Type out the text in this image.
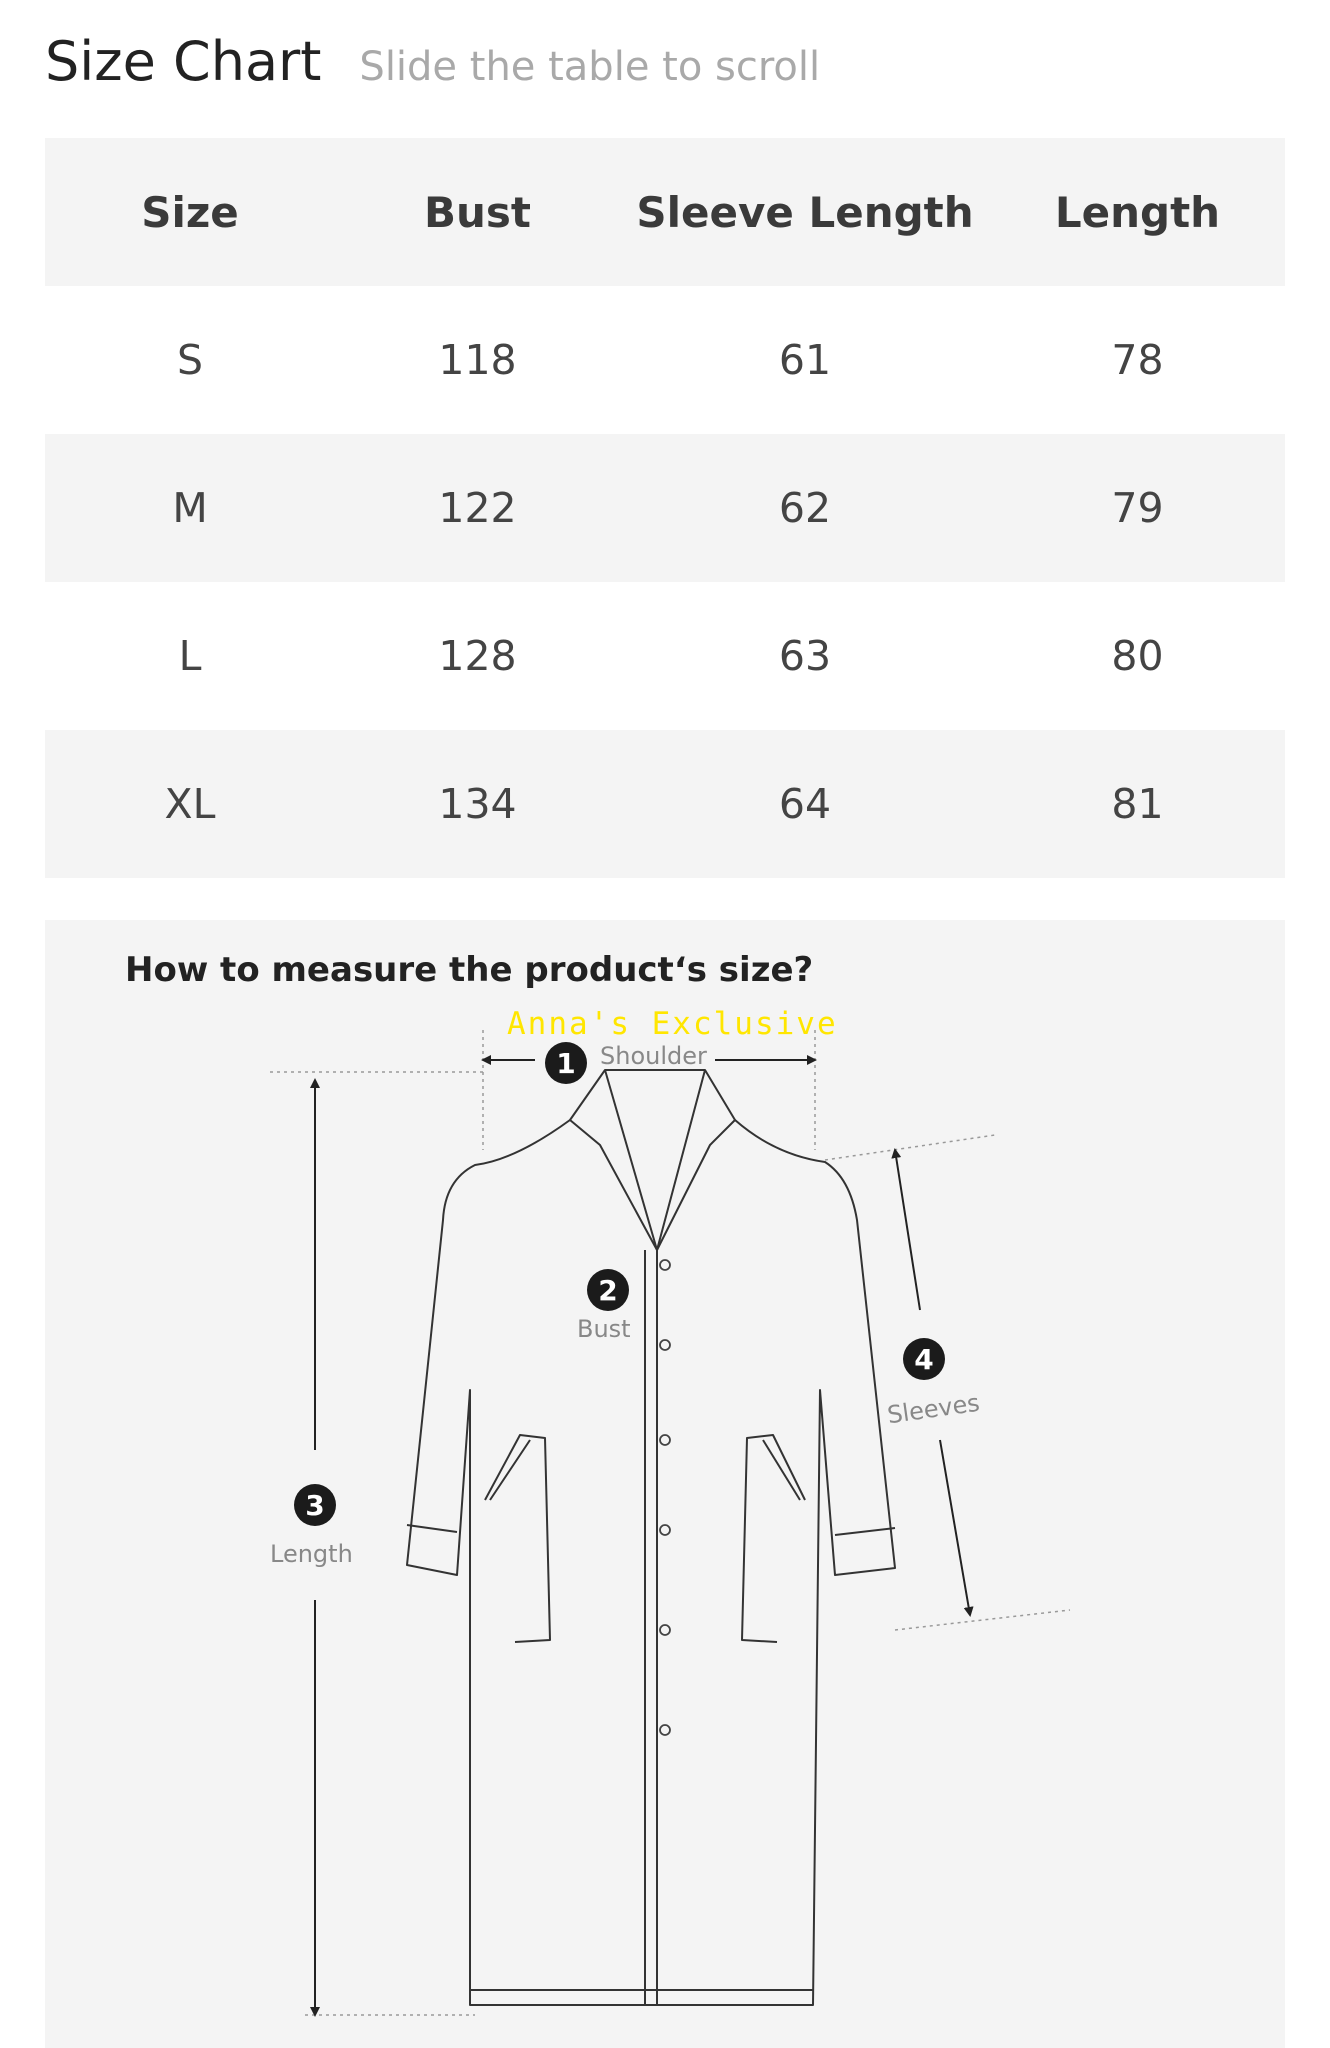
Size Chart Slide the table to scroll
Size	Bust	Sleeve Length	Length
S	118	61	78
M	122	62	79
L	128	63	80
XL	134	64	81
How to measure the product‘s size?
1	Shoulder
2
Bust
3
Length
4
Sleeves
Anna's Exclusive
